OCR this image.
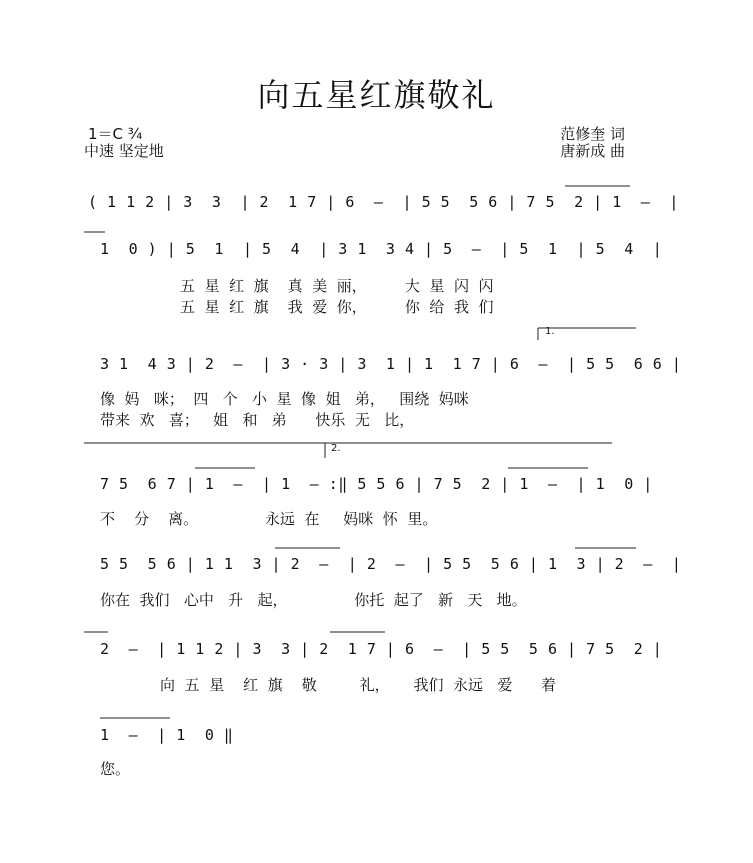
向五星红旗敬礼
1＝C ¾
中速 坚定地
范修奎 词
唐新成 曲
( 1 1 2 | 3  3  | 2  1 7 | 6  –  | 5 5  5 6 | 7 5  2 | 1  –  |
1  0 ) | 5  1  | 5  4  | 3 1  3 4 | 5  –  | 5  1  | 5  4  |
五  星  红  旗    真  美  丽，        大  星  闪  闪
五  星  红  旗    我  爱  你，        你  给  我  们
1.
3 1  4 3 | 2  –  | 3 · 3 | 3  1 | 1  1 7 | 6  –  | 5 5  6 6 |
像  妈   咪；  四   个   小  星  像  姐   弟，   围绕  妈咪
带来  欢   喜；   姐   和   弟      快乐  无   比，
2.
7 5  6 7 | 1  –  | 1  – :‖ 5 5 6 | 7 5  2 | 1  –  | 1  0 |
不    分    离。              永远  在     妈咪  怀  里。
5 5  5 6 | 1 1  3 | 2  –  | 2  –  | 5 5  5 6 | 1  3 | 2  –  |
你在  我们   心中   升   起，              你托  起了   新   天   地。
2  –  | 1 1 2 | 3  3 | 2  1 7 | 6  –  | 5 5  5 6 | 7 5  2 |
向  五  星    红  旗    敬         礼，     我们  永远   爱      着
1  –  | 1  0 ‖
您。
